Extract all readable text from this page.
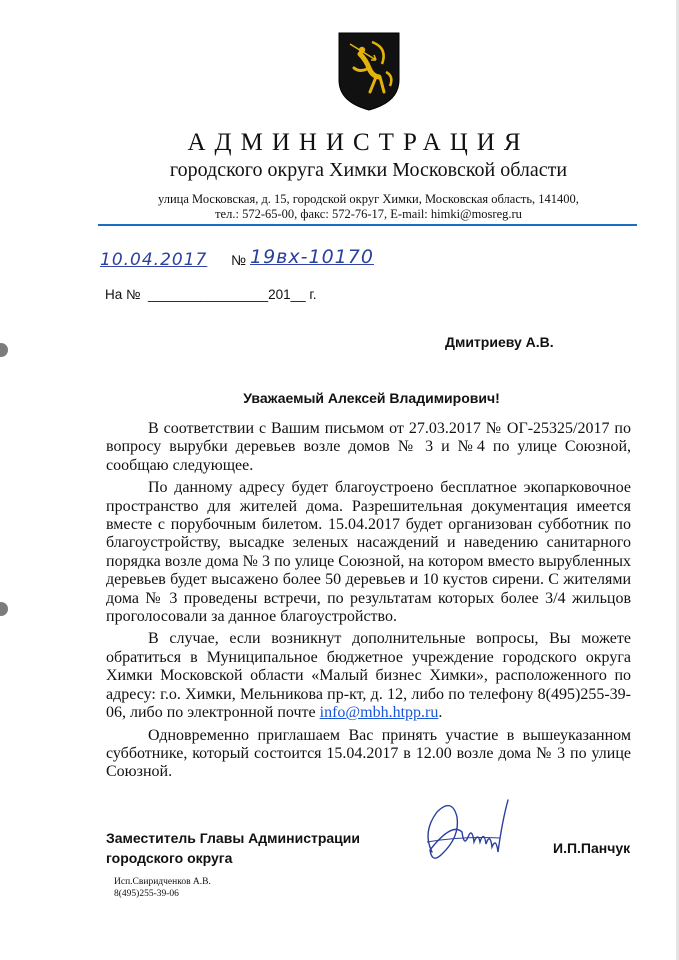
АДМИНИСТРАЦИЯ
городского округа Химки Московской области
улица Московская, д. 15, городской округ Химки, Московская область, 141400,
тел.: 572-65-00, факс: 572-76-17, E-mail: himki@mosreg.ru
10.04.2017 № 19вх-10170
На №  ________________201__ г.
Дмитриеву А.В.
Уважаемый Алексей Владимирович!

В соответствии с Вашим письмом от 27.03.2017 № ОГ-25325/2017 по вопросу вырубки деревьев возле домов № 3 и №4 по улице Союзной, сообщаю следующее.

По данному адресу будет благоустроено бесплатное экопарковочное пространство для жителей дома. Разрешительная документация имеется вместе с порубочным билетом. 15.04.2017 будет организован субботник по благоустройству, высадке зеленых насаждений и наведению санитарного порядка возле дома № 3 по улице Союзной, на котором вместо вырубленных деревьев будет высажено более 50 деревьев и 10 кустов сирени. С жителями дома № 3 проведены встречи, по результатам которых более 3/4 жильцов проголосовали за данное благоустройство.

В случае, если возникнут дополнительные вопросы, Вы можете обратиться в Муниципальное бюджетное учреждение городского округа Химки Московской области «Малый бизнес Химки», расположенного по адресу: г.о. Химки, Мельникова пр-кт, д. 12, либо по телефону 8(495)255-39-06, либо по электронной почте info@mbh.htpp.ru.

Одновременно приглашаем Вас принять участие в вышеуказанном субботнике, который состоится 15.04.2017 в 12.00 возле дома № 3 по улице Союзной.

Заместитель Главы Администрации
городского округа
И.П.Панчук
Исп.Свиридченков А.В.
8(495)255-39-06
